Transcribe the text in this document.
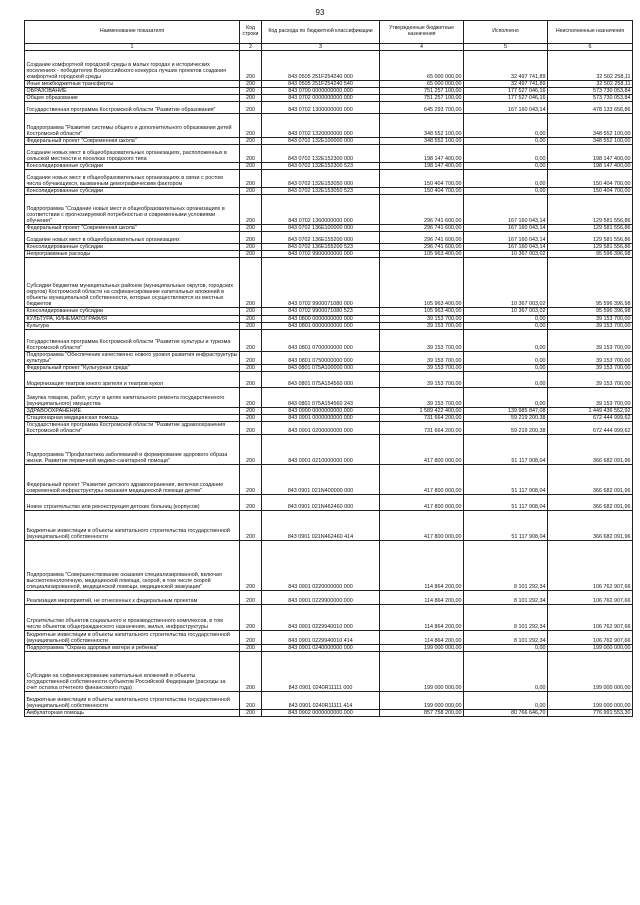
93
Наименование показателя	Код строки	Код расхода по бюджетной классификации	Утвержденные бюджетные назначения	Исполнено	Неисполненные назначения
1	2	3	4	5	6
Создание комфортной городской среды в малых городах и исторических поселениях - победителях Всероссийского конкурса лучших проектов создания комфортной городской среды	200	843 0505 251F254240 000	65 000 000,00	32 497 741,89	32 502 258,11
Иные межбюджетные трансферты	200	843 0505 251F254240 540	65 000 000,00	32 497 741,89	32 502 258,11
ОБРАЗОВАНИЕ	200	843 0700 0000000000 000	751 257 100,00	177 527 046,16	573 730 053,84
Общее образование	200	843 0702 0000000000 000	751 257 100,00	177 527 046,16	573 730 053,84
Государственная программа Костромской области "Развитие образования"	200	843 0702 1300000000 000	645 293 700,00	167 160 043,14	478 133 656,86
Подпрограмма "Развитие системы общего и дополнительного образования детей Костромской области"	200	843 0702 1320000000 000	348 552 100,00	0,00	348 552 100,00
Федеральный проект "Современная школа"	200	843 0702 132E100000 000	348 552 100,00	0,00	348 552 100,00
Создание новых мест в общеобразовательных организациях, расположенных в сельской местности и поселках городского типа	200	843 0702 132E152300 000	198 147 400,00	0,00	198 147 400,00
Консолидированные субсидии	200	843 0702 132E152300 523	198 147 400,00	0,00	198 147 400,00
Создание новых мест в общеобразовательных организациях в связи с ростом числа обучающихся, вызванным демографическим фактором	200	843 0702 132E153050 000	150 404 700,00	0,00	150 404 700,00
Консолидированные субсидии	200	843 0702 132E153050 523	150 404 700,00	0,00	150 404 700,00
Подпрограмма "Создание новых мест в общеобразовательных организациях в соответствии с прогнозируемой потребностью и современными условиями обучения"	200	843 0702 1360000000 000	296 741 600,00	167 160 043,14	129 581 556,86
Федеральный проект "Современная школа"	200	843 0702 136E100000 000	296 741 600,00	167 160 043,14	129 581 556,86
Создание новых мест в общеобразовательных организациях	200	843 0702 136E155200 000	296 741 600,00	167 160 043,14	129 581 556,86
Консолидированные субсидии	200	843 0702 136E155200 523	296 741 600,00	167 160 043,14	129 581 556,86
Непрограммные расходы	200	843 0702 9900000000 000	105 963 400,00	10 367 003,02	95 596 396,98
Субсидии бюджетам муниципальных районов (муниципальных округов, городских округов) Костромской области на софинансирование капитальных вложений в объекты муниципальной собственности, которые осуществляются из местных бюджетов	200	843 0702 9900071080 000	105 963 400,00	10 367 003,02	95 596 396,98
Консолидированные субсидии	200	843 0702 9900071080 523	105 963 400,00	10 367 003,02	95 596 396,98
КУЛЬТУРА, КИНЕМАТОГРАФИЯ	200	843 0800 0000000000 000	39 153 700,00	0,00	39 153 700,00
Культура	200	843 0801 0000000000 000	39 153 700,00	0,00	39 153 700,00
Государственная программа Костромской области "Развитие культуры и туризма Костромской области"	200	843 0801 0700000000 000	39 153 700,00	0,00	39 153 700,00
Подпрограмма "Обеспечение качественно нового уровня развития инфраструктуры культуры"	200	843 0801 0750000000 000	39 153 700,00	0,00	39 153 700,00
Федеральный проект "Культурная среда"	200	843 0801 075A100000 000	39 153 700,00	0,00	39 153 700,00
Модернизация театров юного зрителя и театров кукол	200	843 0801 075A154560 000	39 153 700,00	0,00	39 153 700,00
Закупка товаров, работ, услуг в целях капитального ремонта государственного (муниципального) имущества	200	843 0801 075A154560 243	39 153 700,00	0,00	39 153 700,00
ЗДРАВООХРАНЕНИЕ	200	843 0900 0000000000 000	1 589 422 400,00	139 985 847,08	1 449 436 552,92
Стационарная медицинская помощь	200	843 0901 0000000000 000	731 664 200,00	59 219 200,38	672 444 999,62
Государственная программа Костромской области "Развитие здравоохранения Костромской области"	200	843 0901 0200000000 000	731 664 200,00	59 219 200,38	672 444 999,62
Подпрограмма "Профилактика заболеваний и формирование здорового образа жизни. Развитие первичной медико-санитарной помощи"	200	843 0901 0210000000 000	417 800 000,00	51 117 908,04	366 682 091,96
Федеральный проект "Развитие детского здравоохранения, включая создание современной инфраструктуры оказания медицинской помощи детям"	200	843 0901 021N400000 000	417 800 000,00	51 117 908,04	366 682 091,96
Новое строительство или реконструкция детских больниц (корпусов)	200	843 0901 021N462460 000	417 800 000,00	51 117 908,04	366 682 091,96
Бюджетные инвестиции в объекты капитального строительства государственной (муниципальной) собственности	200	843 0901 021N462460 414	417 800 000,00	51 117 908,04	366 682 091,96
Подпрограмма "Совершенствование оказания специализированной, включая высокотехнологичную, медицинской помощи, скорой, в том числе скорой специализированной, медицинской помощи, медицинской эвакуации"	200	843 0901 0220000000 000	114 864 200,00	8 101 292,34	106 762 907,66
Реализация мероприятий, не отнесенных к федеральным проектам	200	843 0901 0229900000 000	114 864 200,00	8 101 292,34	106 762 907,66
Строительство объектов социального и производственного комплексов, в том числе объектов общегражданского назначения, жилья, инфраструктуры	200	843 0901 0229940010 000	114 864 200,00	8 101 292,34	106 762 907,66
Бюджетные инвестиции в объекты капитального строительства государственной (муниципальной) собственности	200	843 0901 0229940010 414	114 864 200,00	8 101 292,34	106 762 907,66
Подпрограмма "Охрана здоровья матери и ребенка"	200	843 0901 0240000000 000	199 000 000,00	0,00	199 000 000,00
Субсидии на софинансирование капитальных вложений в объекты государственной собственности субъектов Российской Федерации (расходы за счет остатка отчетного финансового года)	200	843 0901 0240R11111 000	199 000 000,00	0,00	199 000 000,00
Бюджетные инвестиции в объекты капитального строительства государственной (муниципальной) собственности	200	843 0901 0240R11111 414	199 000 000,00	0,00	199 000 000,00
Амбулаторная помощь	200	843 0902 0000000000 000	857 758 200,00	80 766 646,70	776 991 553,30
